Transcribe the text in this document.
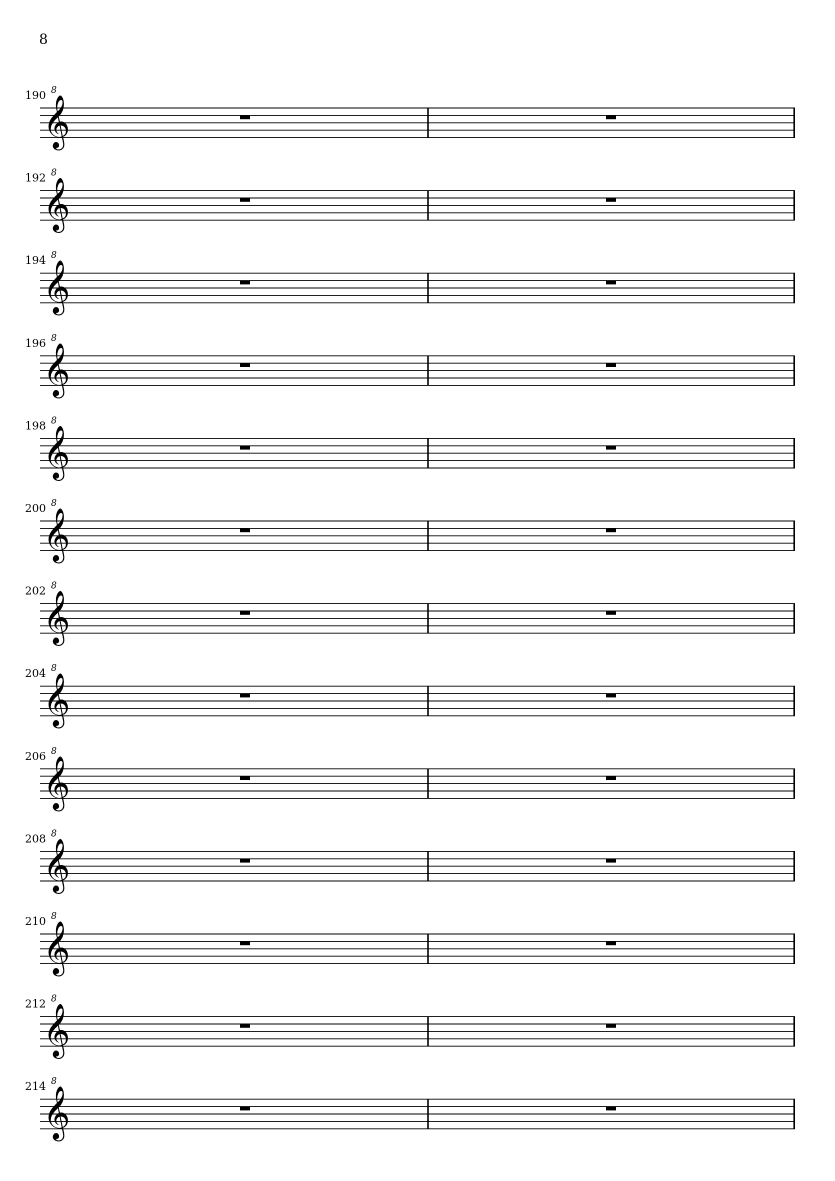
8
𝄞
8
190
𝄞
8
192
𝄞
8
194
𝄞
8
196
𝄞
8
198
𝄞
8
200
𝄞
8
202
𝄞
8
204
𝄞
8
206
𝄞
8
208
𝄞
8
210
𝄞
8
212
𝄞
8
214
